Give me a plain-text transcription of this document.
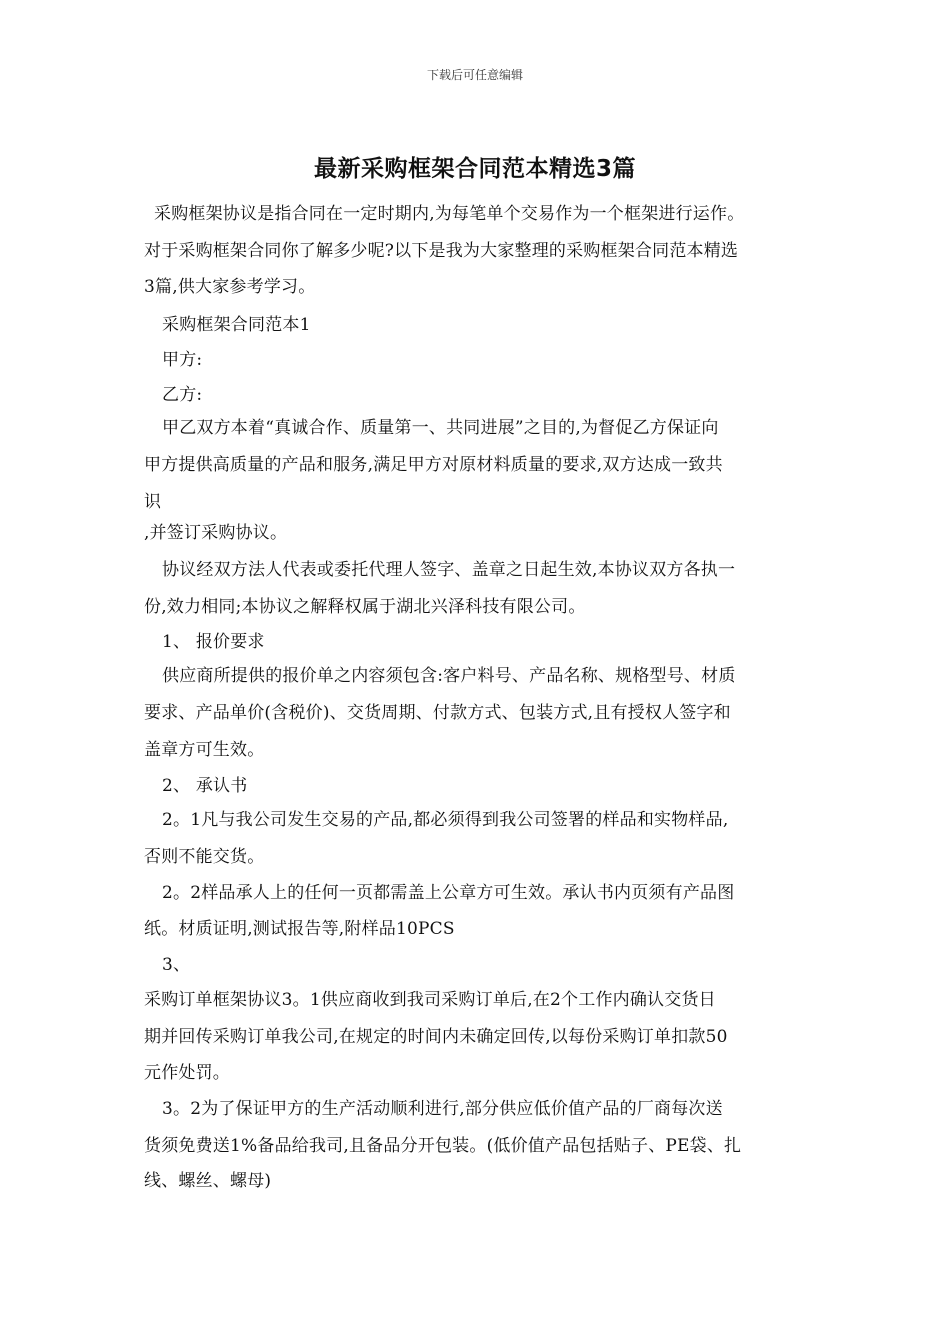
下载后可任意编辑
最新采购框架合同范本精选3篇
采购框架协议是指合同在一定时期内,为每笔单个交易作为一个框架进行运作。
对于采购框架合同你了解多少呢?以下是我为大家整理的采购框架合同范本精选
3篇,供大家参考学习。
采购框架合同范本1
甲方:
乙方:
甲乙双方本着“真诚合作、质量第一、共同进展”之目的,为督促乙方保证向
甲方提供高质量的产品和服务,满足甲方对原材料质量的要求,双方达成一致共
识
,并签订采购协议。
协议经双方法人代表或委托代理人签字、盖章之日起生效,本协议双方各执一
份,效力相同;本协议之解释权属于湖北兴泽科技有限公司。
1、 报价要求
供应商所提供的报价单之内容须包含:客户料号、产品名称、规格型号、材质
要求、产品单价(含税价)、交货周期、付款方式、包装方式,且有授权人签字和
盖章方可生效。
2、 承认书
2。1凡与我公司发生交易的产品,都必须得到我公司签署的样品和实物样品,
否则不能交货。
2。2样品承人上的任何一页都需盖上公章方可生效。承认书内页须有产品图
纸。材质证明,测试报告等,附样品10PCS
3、
采购订单框架协议3。1供应商收到我司采购订单后,在2个工作内确认交货日
期并回传采购订单我公司,在规定的时间内未确定回传,以每份采购订单扣款50
元作处罚。
3。2为了保证甲方的生产活动顺利进行,部分供应低价值产品的厂商每次送
货须免费送1%备品给我司,且备品分开包装。(低价值产品包括贴子、PE袋、扎
线、螺丝、螺母)
